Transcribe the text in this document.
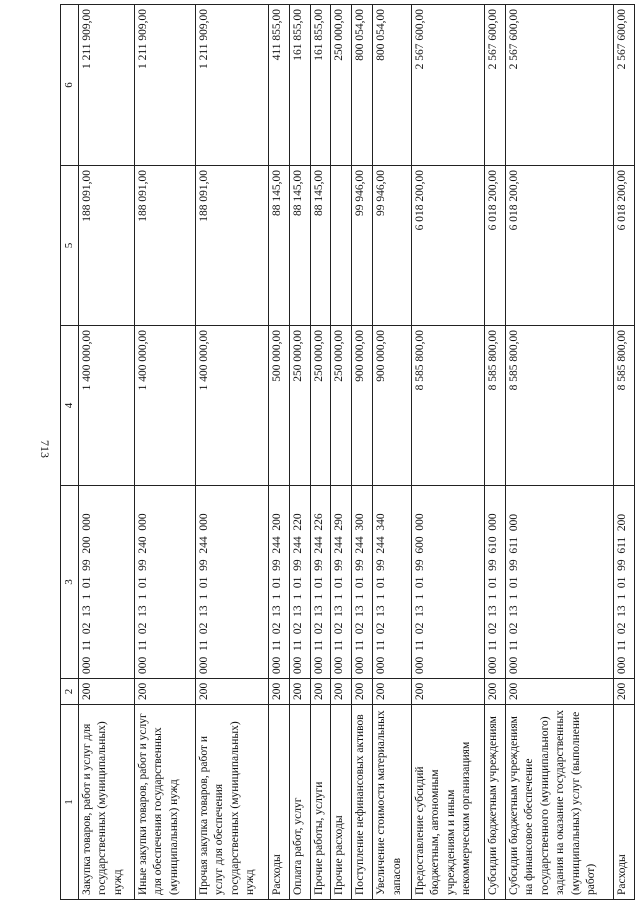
713
1	2	3	4	5	6
Закупка товаров, работ и услуг для государственных (муниципальных) нужд	200	000  11  02  13  1  01  99  200  000	1 400 000,00	188 091,00	1 211 909,00
Иные закупки товаров, работ и услуг для обеспечения государственных (муниципальных) нужд	200	000  11  02  13  1  01  99  240  000	1 400 000,00	188 091,00	1 211 909,00
Прочая закупка товаров, работ и услуг для обеспечения государственных (муниципальных) нужд	200	000  11  02  13  1  01  99  244  000	1 400 000,00	188 091,00	1 211 909,00
Расходы	200	000  11  02  13  1  01  99  244  200	500 000,00	88 145,00	411 855,00
Оплата работ, услуг	200	000  11  02  13  1  01  99  244  220	250 000,00	88 145,00	161 855,00
Прочие работы, услуги	200	000  11  02  13  1  01  99  244  226	250 000,00	88 145,00	161 855,00
Прочие расходы	200	000  11  02  13  1  01  99  244  290	250 000,00		250 000,00
Поступление нефинансовых активов	200	000  11  02  13  1  01  99  244  300	900 000,00	99 946,00	800 054,00
Увеличение стоимости материальных запасов	200	000  11  02  13  1  01  99  244  340	900 000,00	99 946,00	800 054,00
Предоставление субсидий бюджетным, автономным учреждениям и иным некоммерческим организациям	200	000  11  02  13  1  01  99  600  000	8 585 800,00	6 018 200,00	2 567 600,00
Субсидии бюджетным учреждениям	200	000  11  02  13  1  01  99  610  000	8 585 800,00	6 018 200,00	2 567 600,00
Субсидии бюджетным учреждениям на финансовое обеспечение государственного (муниципального) задания на оказание государственных (муниципальных) услуг (выполнение работ)	200	000  11  02  13  1  01  99  611  000	8 585 800,00	6 018 200,00	2 567 600,00
Расходы	200	000  11  02  13  1  01  99  611  200	8 585 800,00	6 018 200,00	2 567 600,00
